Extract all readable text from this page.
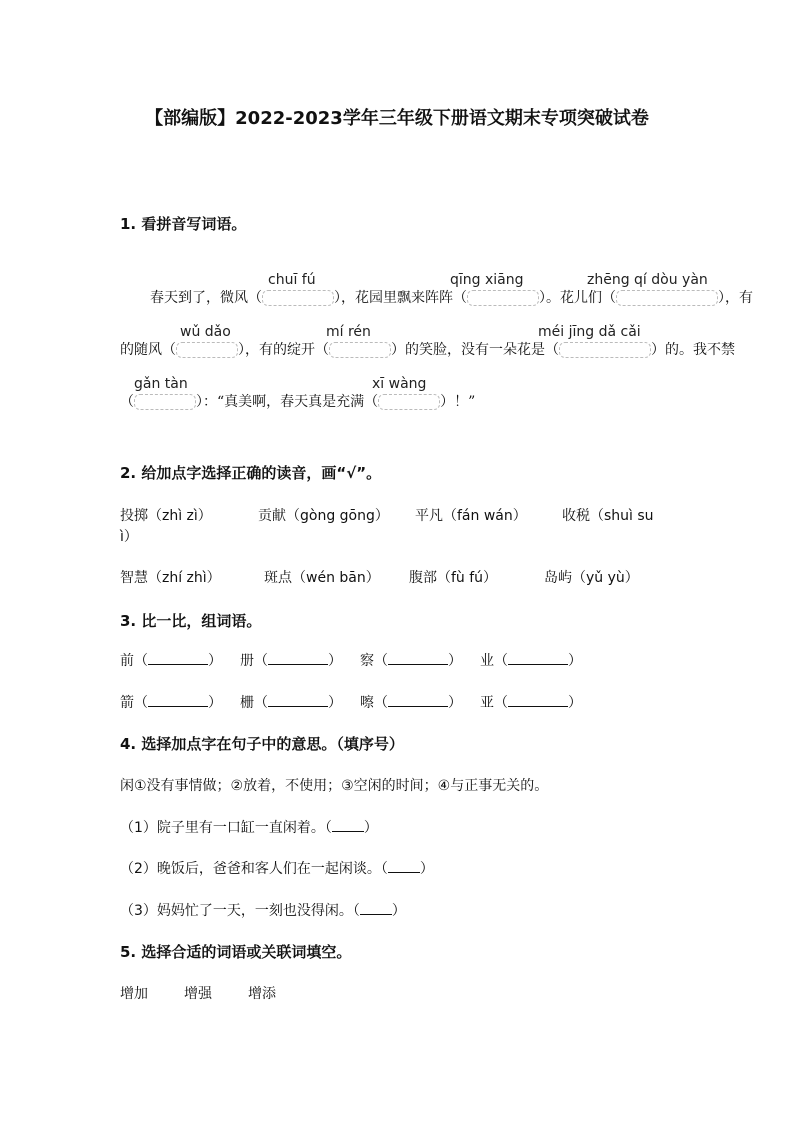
【部编版】2022-2023学年三年级下册语文期末专项突破试卷
1. 看拼音写词语。
chuī fú	qīng xiāng	zhēng qí dòu yàn
春天到了，微风（	），花园里飘来阵阵（	）。花儿们（	），有
wǔ dǎo	mí rén	méi jīng dǎ cǎi
的随风（	），有的绽开（	）的笑脸，没有一朵花是（	）的。我不禁
gǎn tàn	xī wàng
（	）：“真美啊，春天真是充满（	）！”
2. 给加点字选择正确的读音，画“√”。
投掷（zhì zì）	贡献（gòng gōng） 平凡（fán wán）	收税（shuì su
ì）
智慧（zhí zhì）	斑点（wén bān） 腹部（fù fú）	岛屿（yǔ yù）
3. 比一比，组词语。
前（	） 册（	） 察（	） 业（	）
箭（	） 栅（	） 嚓（	） 亚（	）
4. 选择加点字在句子中的意思。（填序号）
闲①没有事情做；②放着，不使用；③空闲的时间；④与正事无关的。
（1）院子里有一口缸一直闲着。（ ）
（2）晚饭后，爸爸和客人们在一起闲谈。（ ）
（3）妈妈忙了一天，一刻也没得闲。（ ）
5. 选择合适的词语或关联词填空。
增加	增强	增添
